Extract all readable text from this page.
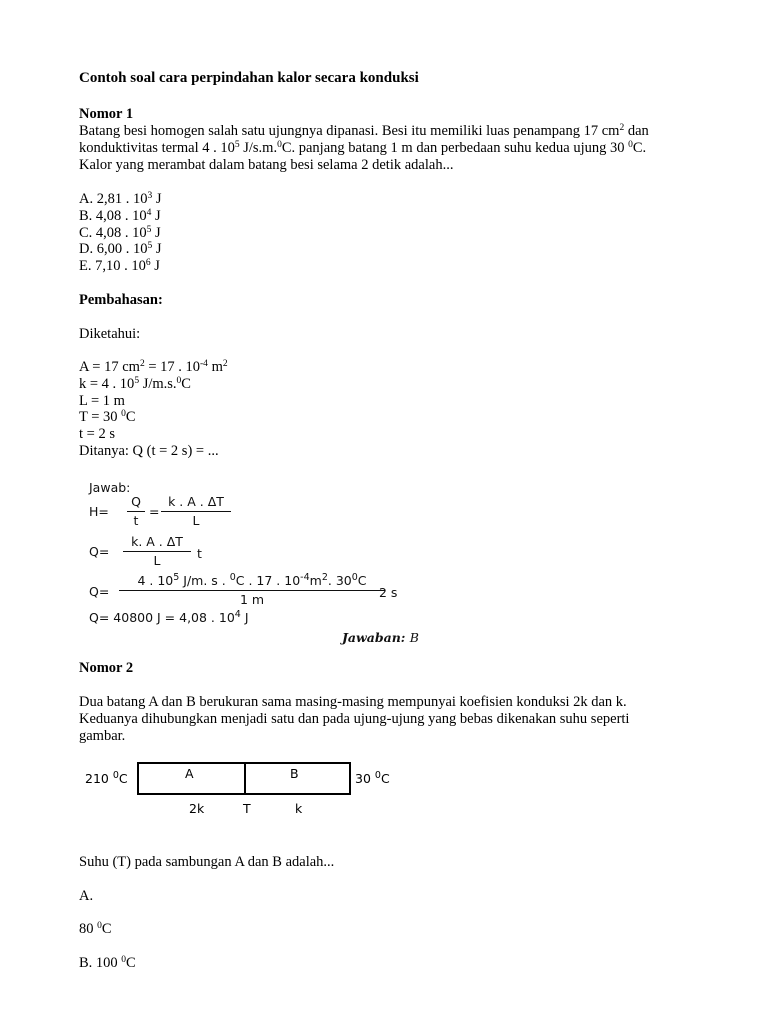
Contoh soal cara perpindahan kalor secara konduksi

Nomor 1

Batang besi homogen salah satu ujungnya dipanasi. Besi itu memiliki luas penampang 17 $cm^2$ dan

konduktivitas termal 4 . $10^5$ J/s.m.$^0$C. panjang batang 1 m dan perbedaan suhu kedua ujung 30 $^0$C.

Kalor yang merambat dalam batang besi selama 2 detik adalah...

A. 2,81 . $10^3$ J

B. 4,08 . $10^4$ J

C. 4,08 . $10^5$ J

D. 6,00 . $10^5$ J

E. 7,10 . $10^6$ J

Pembahasan:

Diketahui:

A = 17 $cm^2 = 17$ . $10^{-4}$ $m^2$

k = 4 . $10^5$ J/m.s.$^0$C

L = 1 m

T = 30 $^0$C

t = 2 s

Ditanya: Q (t = 2 s) = ...

Jawab:
H=
Q
t
=
k . A . ΔT
L
Q=
k. A . ΔT
L	t
Q=
4 . $10^5$ J/m. s . $^0$C . 17 . $10^{-4}m^2$. $30^0C$
1 m	2 s
Q= 40800 J = 4,08 . $10^4$ J
Jawaban: B

Nomor 2

Dua batang A dan B berukuran sama masing-masing mempunyai koefisien konduksi 2k dan k.

Keduanya dihubungkan menjadi satu dan pada ujung-ujung yang bebas dikenakan suhu seperti

gambar.

210 $^0$C	A	B	30 $^0$C
2k	T	k

Suhu (T) pada sambungan A dan B adalah...

A.

80 $^0$C

B. 100 $^0$C
